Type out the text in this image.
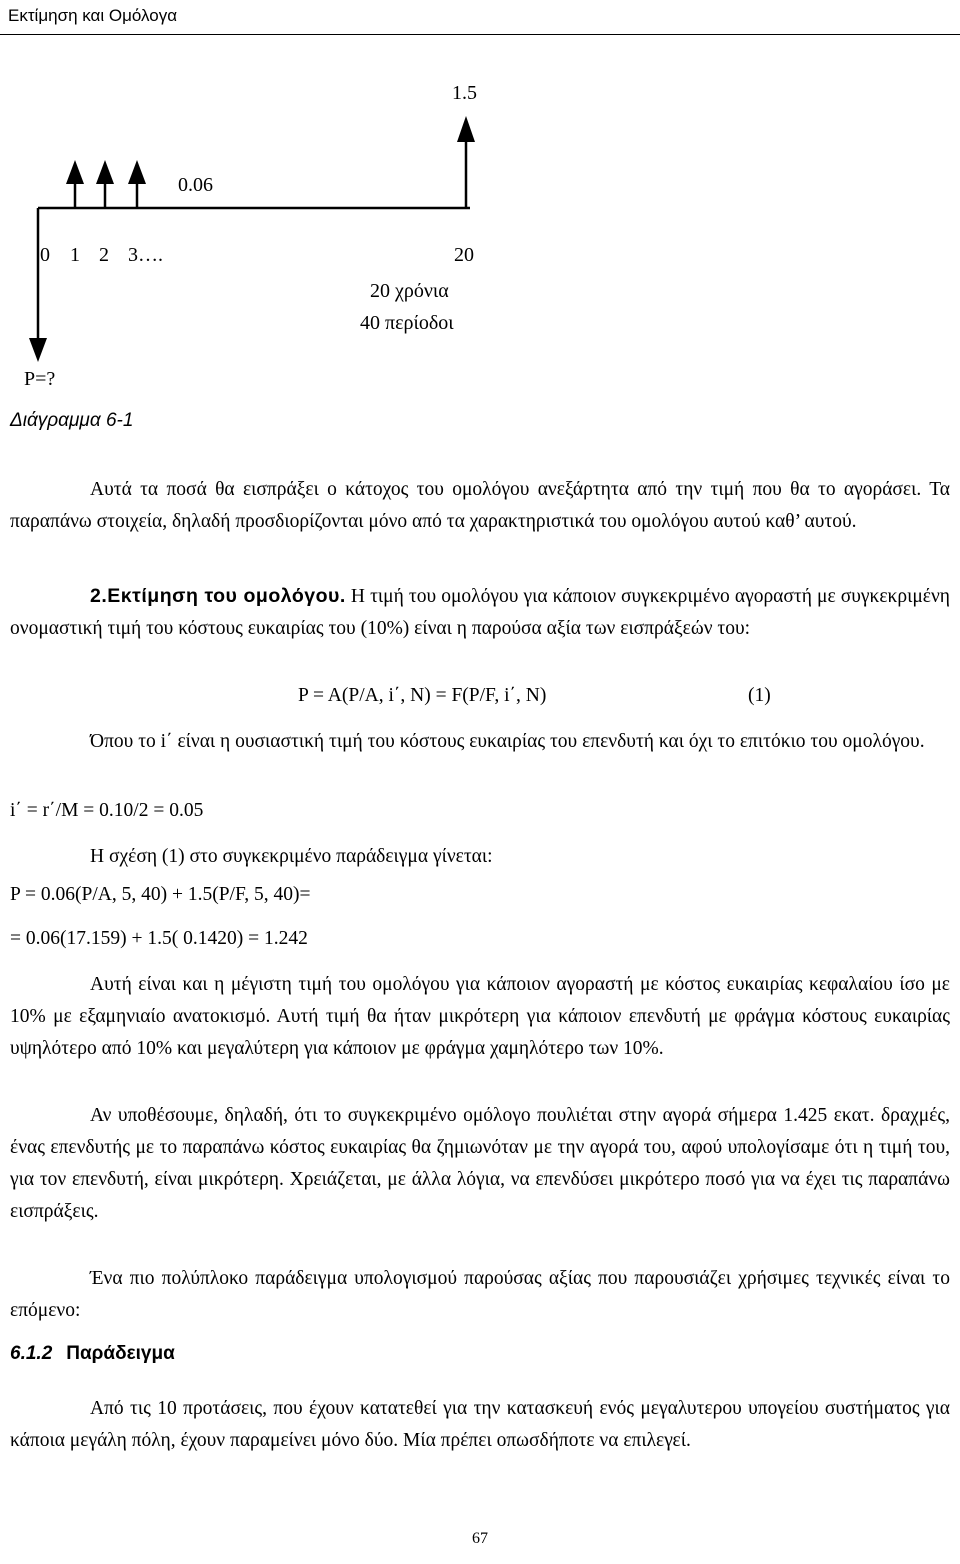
Εκτίμηση και Ομόλογα
1.5
0.06
0 1 2 3….	20
20 χρόνια
40 περίοδοι
P=?
Διάγραμμα 6-1

Αυτά τα ποσά θα εισπράξει ο κάτοχος του ομολόγου ανεξάρτητα από την τιμή που θα το αγοράσει. Τα παραπάνω στοιχεία, δηλαδή προσδιορίζονται μόνο από τα χαρακτηριστικά του ομολόγου αυτού καθ’ αυτού.

2.Εκτίμηση του ομολόγου. Η τιμή του ομολόγου για κάποιον συγκεκριμένο αγοραστή με συγκεκριμένη ονομαστική τιμή του κόστους ευκαιρίας του (10%) είναι η παρούσα αξία των εισπράξεών του:

P = A(P/A, i΄, N) = F(P/F, i΄, N)	(1)

Όπου το i΄ είναι η ουσιαστική τιμή του κόστους ευκαιρίας του επενδυτή και όχι το επιτόκιο του ομολόγου.

i΄ = r΄/M = 0.10/2 = 0.05
Η σχέση (1) στο συγκεκριμένο παράδειγμα γίνεται:
P = 0.06(P/A, 5, 40) + 1.5(P/F, 5, 40)=
= 0.06(17.159) + 1.5( 0.1420) = 1.242

Αυτή είναι και η μέγιστη τιμή του ομολόγου για κάποιον αγοραστή με κόστος ευκαιρίας κεφαλαίου ίσο με 10% με εξαμηνιαίο ανατοκισμό. Αυτή τιμή θα ήταν μικρότερη για κάποιον επενδυτή με φράγμα κόστους ευκαιρίας υψηλότερο από 10% και μεγαλύτερη για κάποιον με φράγμα χαμηλότερο των 10%.

Αν υποθέσουμε, δηλαδή, ότι το συγκεκριμένο ομόλογο πουλιέται στην αγορά σήμερα 1.425 εκατ. δραχμές, ένας επενδυτής με το παραπάνω κόστος ευκαιρίας θα ζημιωνόταν με την αγορά του, αφού υπολογίσαμε ότι η τιμή του, για τον επενδυτή, είναι μικρότερη. Χρειάζεται, με άλλα λόγια, να επενδύσει μικρότερο ποσό για να έχει τις παραπάνω εισπράξεις.

Ένα πιο πολύπλοκο παράδειγμα υπολογισμού παρούσας αξίας που παρουσιάζει χρήσιμες τεχνικές είναι το επόμενο:

6.1.2 Παράδειγμα

Από τις 10 προτάσεις, που έχουν κατατεθεί για την κατασκευή ενός μεγαλυτερου υπογείου συστήματος για κάποια μεγάλη πόλη, έχουν παραμείνει μόνο δύο. Μία πρέπει οπωσδήποτε να επιλεγεί.

67
